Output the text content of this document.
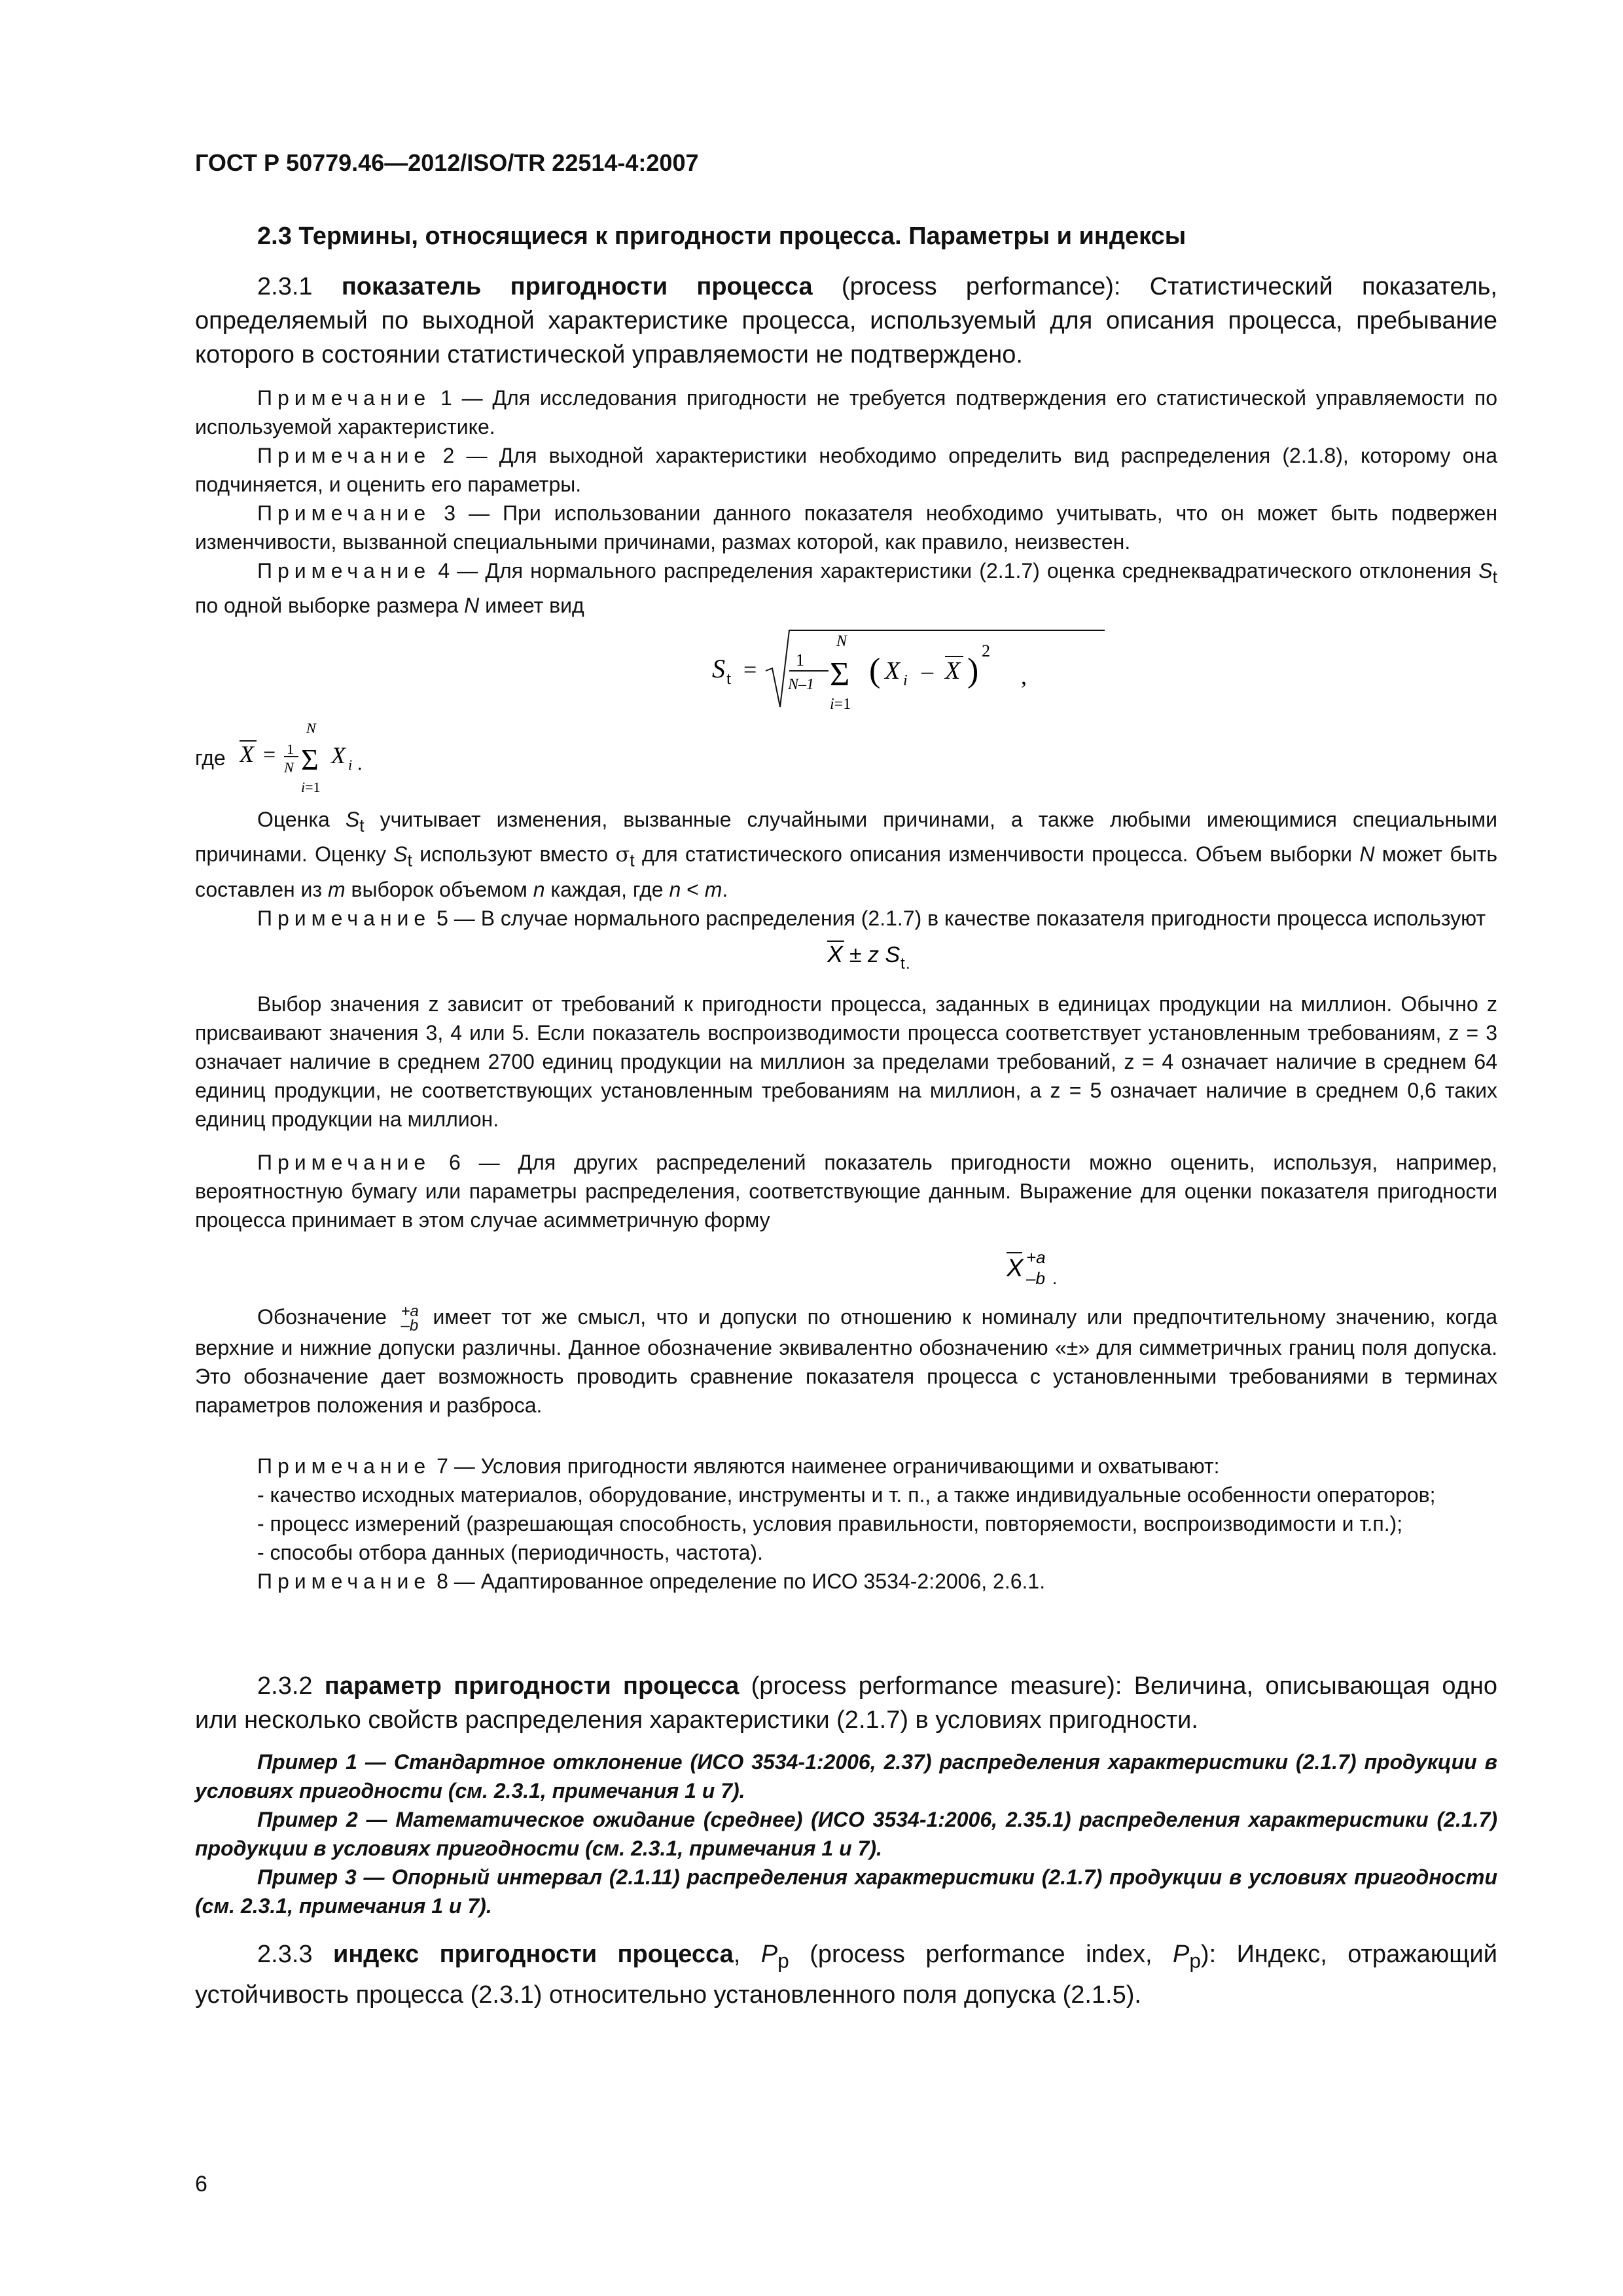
ГОСТ Р 50779.46—2012/ISO/TR 22514-4:2007
2.3 Термины, относящиеся к пригодности процесса. Параметры и индексы

2.3.1 показатель пригодности процесса (process performance): Статистический показатель, определяемый по выходной характеристике процесса, используемый для описания процесса, пребывание которого в состоянии статистической управляемости не подтверждено.

Примечание 1 — Для исследования пригодности не требуется подтверждения его статистической управляемости по используемой характеристике.

Примечание 2 — Для выходной характеристики необходимо определить вид распределения (2.1.8), которому она подчиняется, и оценить его параметры.

Примечание 3 — При использовании данного показателя необходимо учитывать, что он может быть подвержен изменчивости, вызванной специальными причинами, размах которой, как правило, неизвестен.

Примечание 4 — Для нормального распределения характеристики (2.1.7) оценка среднеквадратического отклонения $S_t$ по одной выборке размера N имеет вид

S t = 1
N–1
N
Σ
i=1
( X i – X )
2
,
где X = 1
N
N
Σ
i=1
X i .

Оценка $S_t$ учитывает изменения, вызванные случайными причинами, а также любыми имеющимися специальными причинами. Оценку $S_t$ используют вместо $\sigma_t$ для статистического описания изменчивости процесса. Объем выборки N может быть составлен из m выборок объемом n каждая, где n < m.

Примечание 5 — В случае нормального распределения (2.1.7) в качестве показателя пригодности процесса используют

X ± z S t .

Выбор значения z зависит от требований к пригодности процесса, заданных в единицах продукции на миллион. Обычно z присваивают значения 3, 4 или 5. Если показатель воспроизводимости процесса соответствует установленным требованиям, z = 3 означает наличие в среднем 2700 единиц продукции на миллион за пределами требований, z = 4 означает наличие в среднем 64 единиц продукции, не соответствующих установленным требованиям на миллион, а z = 5 означает наличие в среднем 0,6 таких единиц продукции на миллион.

Примечание 6 — Для других распределений показатель пригодности можно оценить, используя, например, вероятностную бумагу или параметры распределения, соответствующие данным. Выражение для оценки показателя пригодности процесса принимает в этом случае асимметричную форму

X +a
–b .

Обозначение +a
–b имеет тот же смысл, что и допуски по отношению к номиналу или предпочтительному значению, когда верхние и нижние допуски различны. Данное обозначение эквивалентно обозначению «±» для симметричных границ поля допуска. Это обозначение дает возможность проводить сравнение показателя процесса с установленными требованиями в терминах параметров положения и разброса.

Примечание 7 — Условия пригодности являются наименее ограничивающими и охватывают:

- качество исходных материалов, оборудование, инструменты и т. п., а также индивидуальные особенности операторов;

- процесс измерений (разрешающая способность, условия правильности, повторяемости, воспроизводимости и т.п.);

- способы отбора данных (периодичность, частота).

Примечание 8 — Адаптированное определение по ИСО 3534-2:2006, 2.6.1.

2.3.2 параметр пригодности процесса (process performance measure): Величина, описывающая одно или несколько свойств распределения характеристики (2.1.7) в условиях пригодности.

Пример 1 — Стандартное отклонение (ИСО 3534-1:2006, 2.37) распределения характеристики (2.1.7) продукции в условиях пригодности (см. 2.3.1, примечания 1 и 7).

Пример 2 — Математическое ожидание (среднее) (ИСО 3534-1:2006, 2.35.1) распределения характеристики (2.1.7) продукции в условиях пригодности (см. 2.3.1, примечания 1 и 7).

Пример 3 — Опорный интервал (2.1.11) распределения характеристики (2.1.7) продукции в условиях пригодности (см. 2.3.1, примечания 1 и 7).

2.3.3 индекс пригодности процесса, $P_p$ (process performance index, $P_p$): Индекс, отражающий устойчивость процесса (2.3.1) относительно установленного поля допуска (2.1.5).

6
